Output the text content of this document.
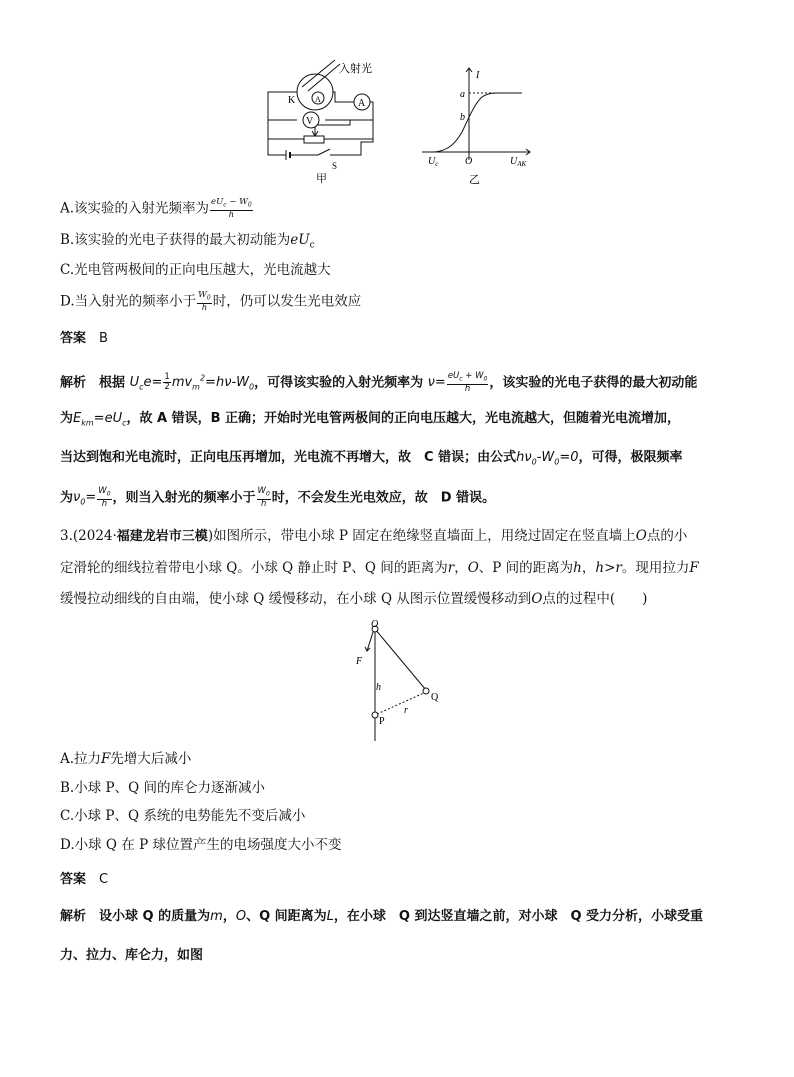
V
A
入射光
K A
S
甲
I
a
b
O
$U_c$	$U_{AK}$
乙
A.该实验的入射光频率为 $\frac{eU_c - W_0}{h}$
B.该实验的光电子获得的最大初动能为$eU_c$
C.光电管两极间的正向电压越大，光电流越大
D.当入射光的频率小于 $\frac{W_0}{h}$ 时，仍可以发生光电效应
答案　 B
解析　 根据 $U_ce= \frac{1}{2} mv_m^2=h\nu-W_0$，可得该实验的入射光频率为 $\nu= \frac{eU_c + W_0}{h}$ ，该实验的光电子获得的最大初动能
为$E_{km}=eU_c$，故 A 错误，B 正确；开始时光电管两极间的正向电压越大，光电流越大，但随着光电流增加，
当达到饱和光电流时，正向电压再增加，光电流不再增大，故　C 错误；由公式$h\nu_0-W_0=0$，可得，极限频率
为$\nu_0= \frac{W_0}{h}$ ，则当入射光的频率小于 $\frac{W_0}{h}$ 时，不会发生光电效应，故　D 错误。
3.(2024·福建龙岩市三模)如图所示，带电小球 P 固定在绝缘竖直墙面上，用绕过固定在竖直墙上O点的小
定滑轮的细线拉着带电小球 Q。小球 Q 静止时 P、Q 间的距离为r，O、P 间的距离为h，h>r。现用拉力F
缓慢拉动细线的自由端，使小球 Q 缓慢移动，在小球 Q 从图示位置缓慢移动到O点的过程中(　　)
O
F
h
r
Q
P
A.拉力F先增大后减小
B.小球 P、Q 间的库仑力逐渐减小
C.小球 P、Q 系统的电势能先不变后减小
D.小球 Q 在 P 球位置产生的电场强度大小不变
答案　 C
解析　 设小球 Q 的质量为m，O、Q 间距离为L，在小球　Q 到达竖直墙之前，对小球　Q 受力分析，小球受重
力、拉力、库仑力，如图
